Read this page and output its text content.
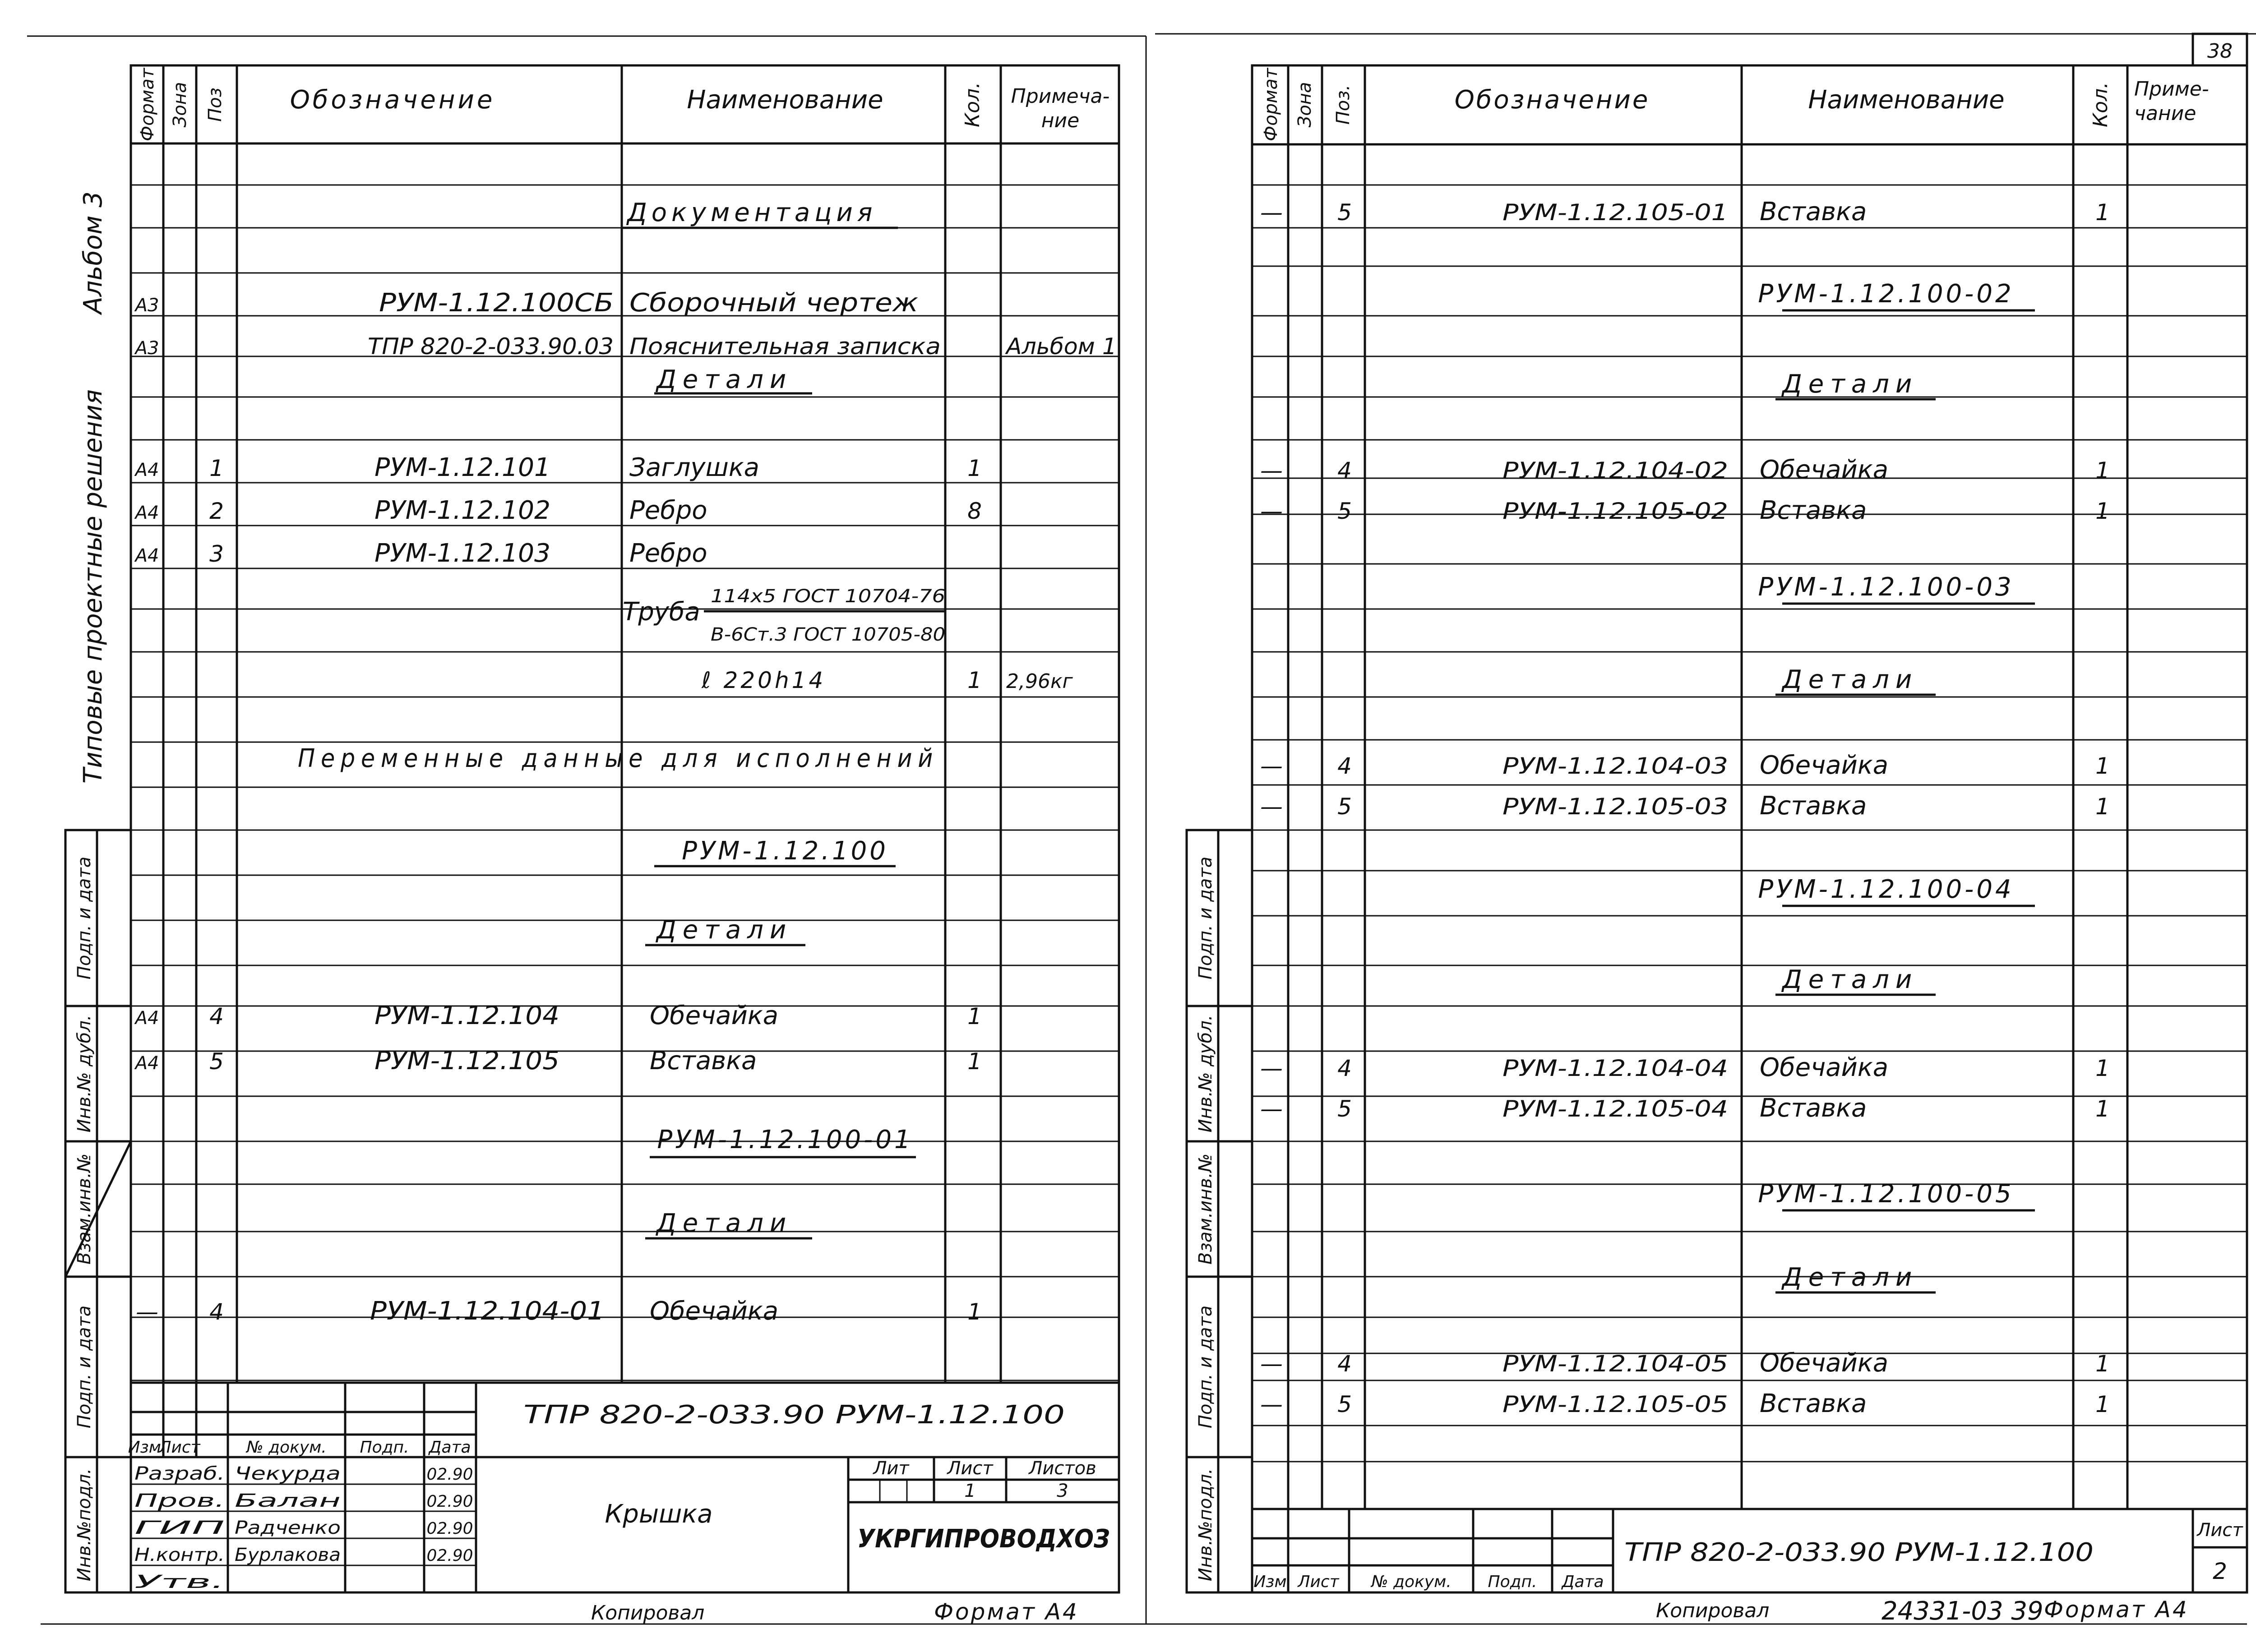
Альбом 3
Типовые проектные решения
Подп. и дата
Инв.№ дубл.
Взам.инв.№
Подп. и дата
Инв.№подл.
Подп. и дата
Инв.№ дубл.
Взам.инв.№
Подп. и дата
Инв.№подл.
Формат Зона Поз	Обозначение	Наименование	Кол. Примеча-
ние
Документация
А3	РУМ-1.12.100СБ Сборочный чертеж
А3	ТПР 820-2-033.90.03 Пояснительная записка	Альбом 1
Детали
А4 1	РУМ-1.12.101	Заглушка	1
А4 2	РУМ-1.12.102	Ребро	8
А4 3	РУМ-1.12.103	Ребро
Труба
114x5 ГОСТ 10704-76
В-6Ст.3 ГОСТ 10705-80
ℓ 220h14	1 2,96кг
Переменные данные для исполнений
РУМ-1.12.100
Детали
А4 4	РУМ-1.12.104	Обечайка	1
А4 5	РУМ-1.12.105	Вставка	1
РУМ-1.12.100-01
Детали
— 4	РУМ-1.12.104-01 Обечайка	1
ТПР 820-2-033.90 РУМ-1.12.100
Изм.
Лист	№ докум. Подп. Дата
Разраб. Чекурда	02.90
Пров. Балан	02.90
ГИП Радченко	02.90
Н.контр. Бурлакова	02.90
Утв.
Крышка
Лит Лист Листов
1	3
УКРГИПРОВОДХОЗ
Копировал	Формат А4
Формат Зона Поз.	Обозначение	Наименование	Кол. Приме-
чание
38
— 5	РУМ-1.12.105-01 Вставка	1
РУМ-1.12.100-02
Детали
— 4	РУМ-1.12.104-02 Обечайка	1
— 5	РУМ-1.12.105-02 Вставка	1
РУМ-1.12.100-03
Детали
— 4	РУМ-1.12.104-03 Обечайка	1
— 5	РУМ-1.12.105-03 Вставка	1
РУМ-1.12.100-04
Детали
— 4	РУМ-1.12.104-04 Обечайка	1
— 5	РУМ-1.12.105-04 Вставка	1
РУМ-1.12.100-05
Детали
— 4	РУМ-1.12.104-05 Обечайка	1
— 5	РУМ-1.12.105-05 Вставка	1
Изм Лист № докум. Подп. Дата
ТПР 820-2-033.90 РУМ-1.12.100
Лист
2
Копировал	24331-03 39 Формат А4
